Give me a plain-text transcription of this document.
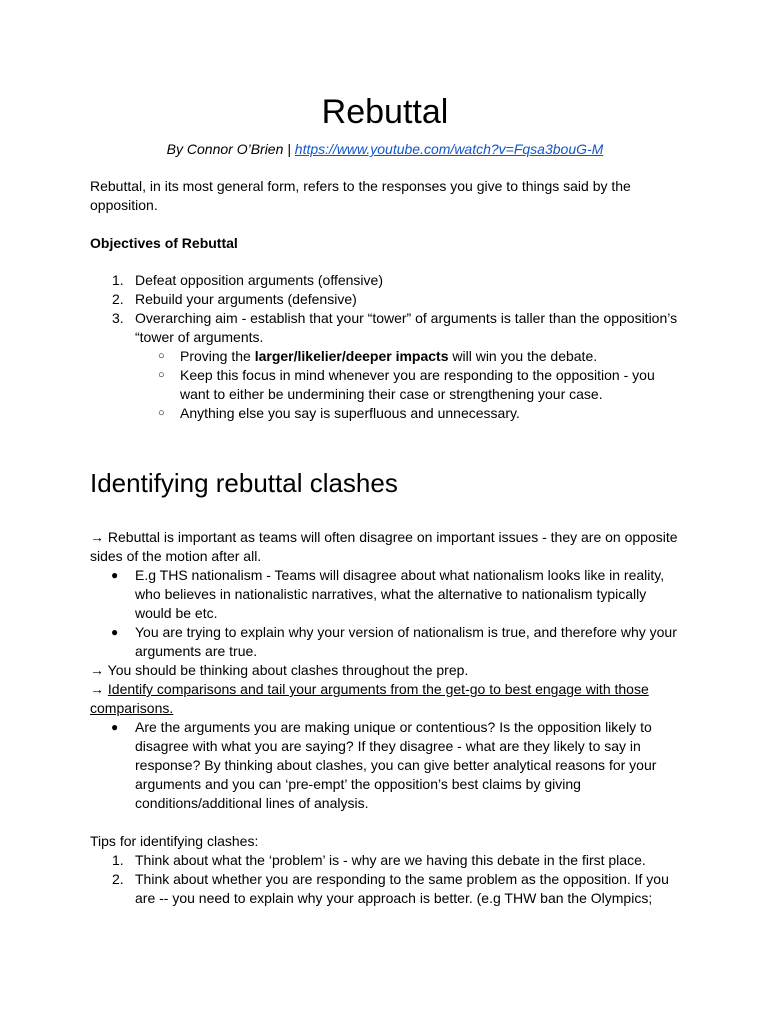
Rebuttal
By Connor O’Brien | https://www.youtube.com/watch?v=Fqsa3bouG-M
Rebuttal, in its most general form, refers to the responses you give to things said by the opposition.
Objectives of Rebuttal
1. Defeat opposition arguments (offensive)
2. Rebuild your arguments (defensive)
3. Overarching aim - establish that your “tower” of arguments is taller than the opposition’s “tower of arguments.
○ Proving the larger/likelier/deeper impacts will win you the debate.
○ Keep this focus in mind whenever you are responding to the opposition - you want to either be undermining their case or strengthening your case.
○ Anything else you say is superfluous and unnecessary.
Identifying rebuttal clashes
→ Rebuttal is important as teams will often disagree on important issues - they are on opposite sides of the motion after all.
● E.g THS nationalism - Teams will disagree about what nationalism looks like in reality, who believes in nationalistic narratives, what the alternative to nationalism typically would be etc.
● You are trying to explain why your version of nationalism is true, and therefore why your arguments are true.
→ You should be thinking about clashes throughout the prep.
→ Identify comparisons and tail your arguments from the get-go to best engage with those comparisons.
● Are the arguments you are making unique or contentious? Is the opposition likely to disagree with what you are saying? If they disagree - what are they likely to say in response? By thinking about clashes, you can give better analytical reasons for your arguments and you can ‘pre-empt’ the opposition’s best claims by giving conditions/additional lines of analysis.
Tips for identifying clashes:
1. Think about what the ‘problem’ is - why are we having this debate in the first place.
2. Think about whether you are responding to the same problem as the opposition. If you are -- you need to explain why your approach is better. (e.g THW ban the Olympics;
